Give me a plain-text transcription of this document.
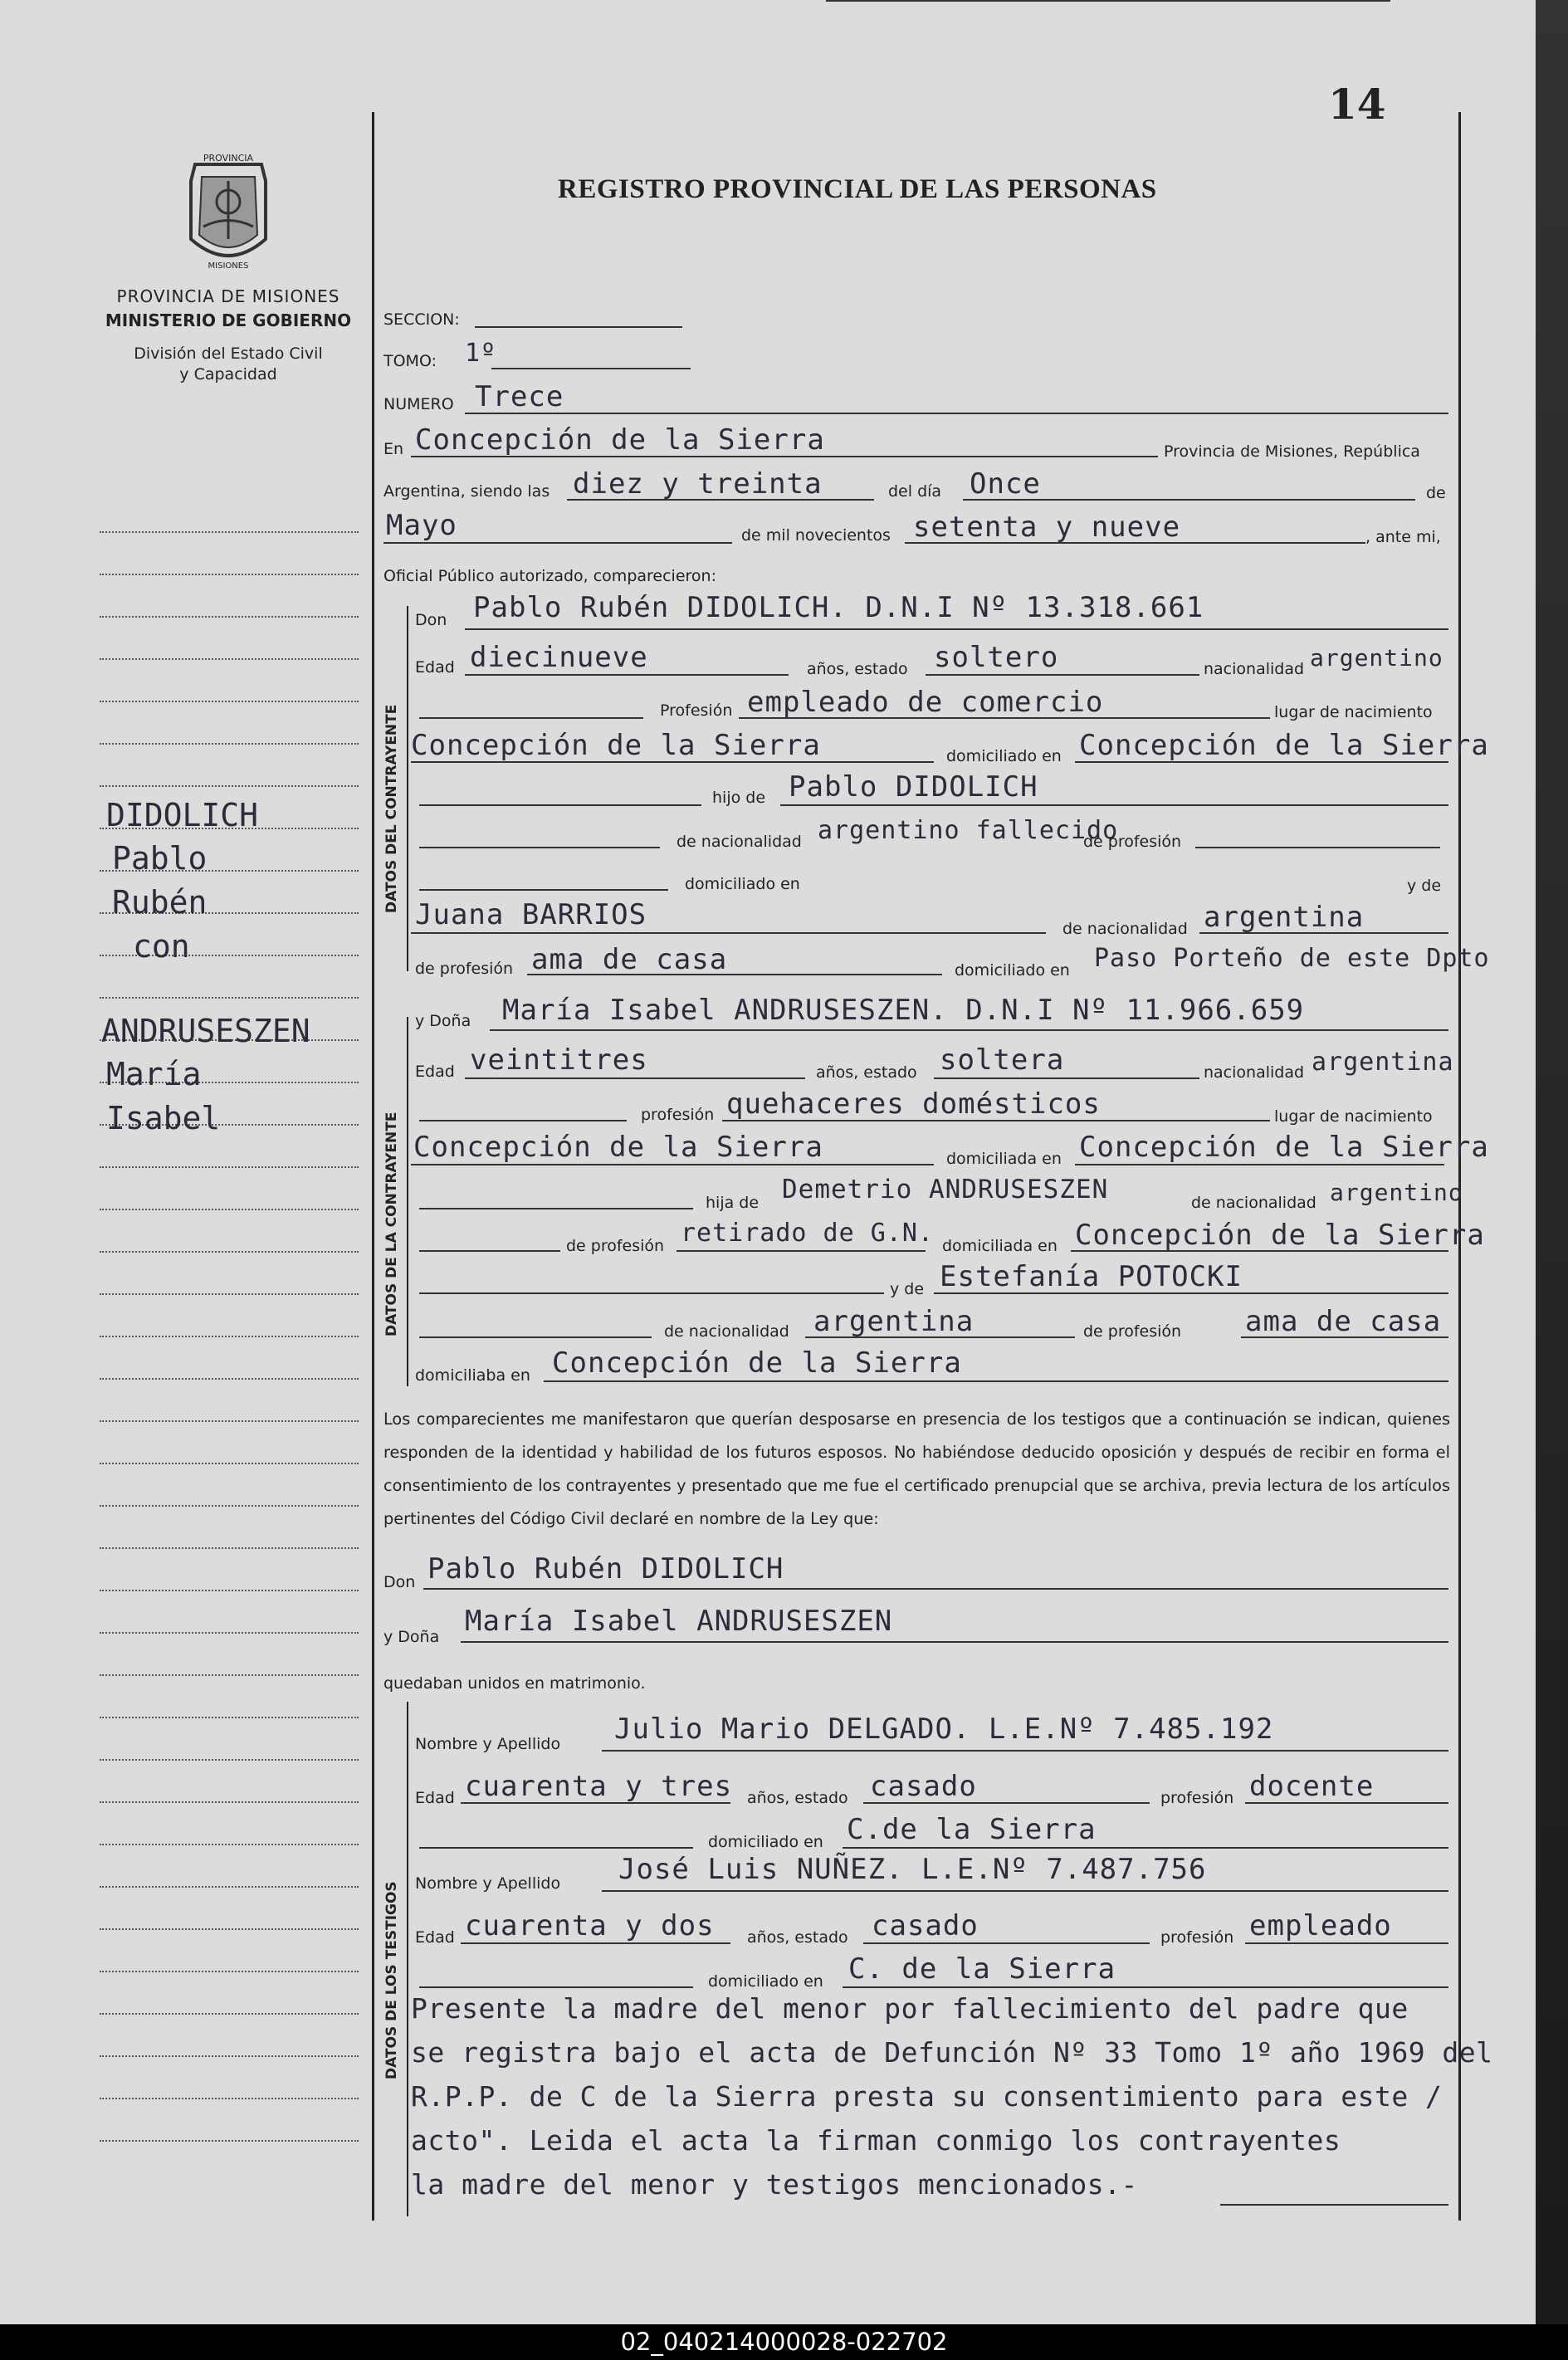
14
REGISTRO PROVINCIAL DE LAS PERSONAS
PROVINCIA
MISIONES
PROVINCIA DE MISIONES
MINISTERIO DE GOBIERNO
División del Estado Civil
y Capacidad
DIDOLICH
Pablo
Rubén
con
ANDRUSESZEN
María
Isabel
SECCION:
TOMO: 1º
NUMERO Trece
En Concepción de la Sierra	Provincia de Misiones, República
Argentina, siendo las diez y treinta	del día Once	de
Mayo	de mil novecientos setenta y nueve	, ante mi,
Oficial Público autorizado, comparecieron:
DATOS DEL CONTRAYENTE
Don Pablo Rubén DIDOLICH. D.N.I Nº 13.318.661
Edad diecinueve	años, estado soltero	nacionalidad argentino
Profesión empleado de comercio	lugar de nacimiento
Concepción de la Sierra	domiciliado en Concepción de la Sierra
hijo de Pablo DIDOLICH
de nacionalidad argentino fallecido
de profesión
domiciliado en	y de
Juana BARRIOS	de nacionalidad argentina
de profesión ama de casa	domiciliado en Paso Porteño de este Dpto
DATOS DE LA CONTRAYENTE
y Doña María Isabel ANDRUSESZEN. D.N.I Nº 11.966.659
Edad veintitres	años, estado soltera	nacionalidad argentina
profesión quehaceres domésticos	lugar de nacimiento
Concepción de la Sierra	domiciliada en Concepción de la Sierra
hija de Demetrio ANDRUSESZEN	de nacionalidad argentino
de profesión retirado de G.N. domiciliada en Concepción de la Sierra
y de Estefanía POTOCKI
de nacionalidad argentina	de profesión ama de casa
domiciliaba en Concepción de la Sierra
Los comparecientes me manifestaron que querían desposarse en presencia de los testigos que a continuación se indican, quienes responden de la identidad y habilidad de los futuros esposos. No habiéndose deducido oposición y después de recibir en forma el consentimiento de los contrayentes y presentado que me fue el certificado prenupcial que se archiva, previa lectura de los artículos pertinentes del Código Civil declaré en nombre de la Ley que:
Don Pablo Rubén DIDOLICH
y Doña María Isabel ANDRUSESZEN
quedaban unidos en matrimonio.
DATOS DE LOS TESTIGOS
Nombre y Apellido Julio Mario DELGADO. L.E.Nº 7.485.192
Edad cuarenta y tres años, estado casado	profesión docente
domiciliado en C.de la Sierra
Nombre y Apellido José Luis NUÑEZ. L.E.Nº 7.487.756
Edad cuarenta y dos años, estado casado	profesión empleado
domiciliado en C. de la Sierra
Presente la madre del menor por fallecimiento del padre que
se registra bajo el acta de Defunción Nº 33 Tomo 1º año 1969 del
R.P.P. de C de la Sierra presta su consentimiento para este /
acto". Leida el acta la firman conmigo los contrayentes
la madre del menor y testigos mencionados.-
02_040214000028-022702
